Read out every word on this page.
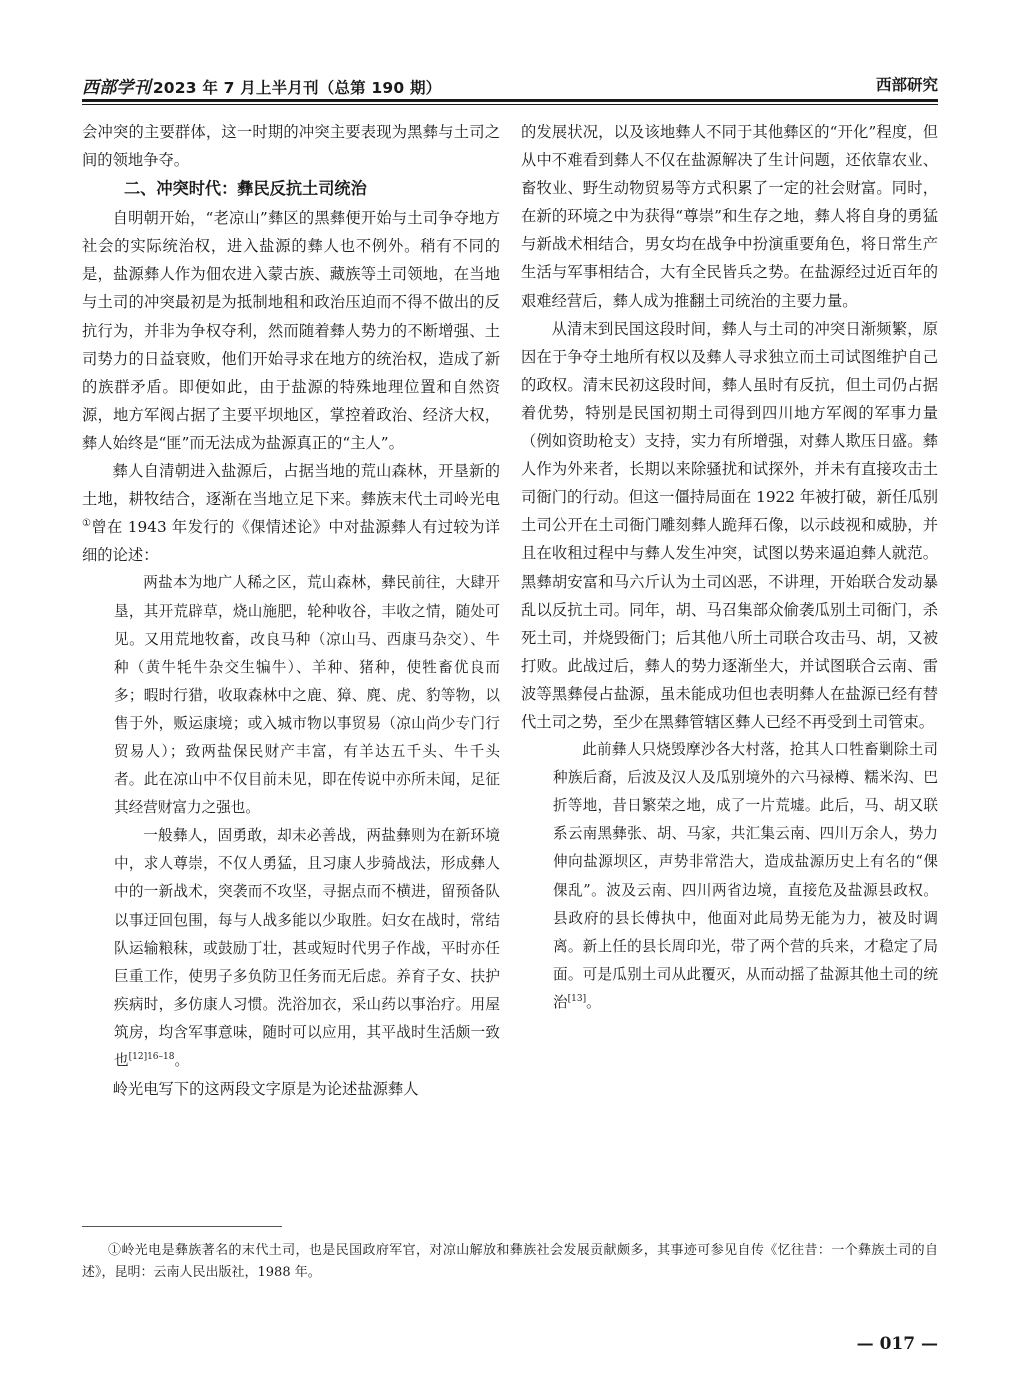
西部学刊 2023 年 7 月上半月刊（总第 190 期）	西部研究

会冲突的主要群体，这一时期的冲突主要表现为黑彝与土司之间的领地争夺。

二、冲突时代：彝民反抗土司统治

自明朝开始，“老凉山”彝区的黑彝便开始与土司争夺地方社会的实际统治权，进入盐源的彝人也不例外。稍有不同的是，盐源彝人作为佃农进入蒙古族、藏族等土司领地，在当地与土司的冲突最初是为抵制地租和政治压迫而不得不做出的反抗行为，并非为争权夺利，然而随着彝人势力的不断增强、土司势力的日益衰败，他们开始寻求在地方的统治权，造成了新的族群矛盾。即便如此，由于盐源的特殊地理位置和自然资源，地方军阀占据了主要平坝地区，掌控着政治、经济大权，彝人始终是“匪”而无法成为盐源真正的“主人”。

彝人自清朝进入盐源后，占据当地的荒山森林，开垦新的土地，耕牧结合，逐渐在当地立足下来。彝族末代土司岭光电①曾在 1943 年发行的《倮情述论》中对盐源彝人有过较为详细的论述：

两盐本为地广人稀之区，荒山森林，彝民前往，大肆开垦，其开荒辟草，烧山施肥，轮种收谷，丰收之情，随处可见。又用荒地牧畜，改良马种（凉山马、西康马杂交）、牛种（黄牛牦牛杂交生犏牛）、羊种、猪种，使牲畜优良而多；暇时行猎，收取森林中之鹿、獐、麂、虎、豹等物，以售于外，贩运康境；或入城市物以事贸易（凉山尚少专门行贸易人）；致两盐保民财产丰富，有羊达五千头、牛千头者。此在凉山中不仅目前未见，即在传说中亦所未闻，足征其经营财富力之强也。

一般彝人，固勇敢，却未必善战，两盐彝则为在新环境中，求人尊崇，不仅人勇猛，且习康人步骑战法，形成彝人中的一新战术，突袭而不攻坚，寻据点而不横进，留预备队以事迂回包围，每与人战多能以少取胜。妇女在战时，常结队运输粮秣，或鼓励丁壮，甚或短时代男子作战，平时亦任巨重工作，使男子多负防卫任务而无后虑。养育子女、扶护疾病时，多仿康人习惯。洗浴加衣，采山药以事治疗。用屋筑房，均含军事意味，随时可以应用，其平战时生活颇一致也$^{[12]16-18}$。

岭光电写下的这两段文字原是为论述盐源彝人

的发展状况，以及该地彝人不同于其他彝区的“开化”程度，但从中不难看到彝人不仅在盐源解决了生计问题，还依靠农业、畜牧业、野生动物贸易等方式积累了一定的社会财富。同时，在新的环境之中为获得“尊崇”和生存之地，彝人将自身的勇猛与新战术相结合，男女均在战争中扮演重要角色，将日常生产生活与军事相结合，大有全民皆兵之势。在盐源经过近百年的艰难经营后，彝人成为推翻土司统治的主要力量。

从清末到民国这段时间，彝人与土司的冲突日渐频繁，原因在于争夺土地所有权以及彝人寻求独立而土司试图维护自己的政权。清末民初这段时间，彝人虽时有反抗，但土司仍占据着优势，特别是民国初期土司得到四川地方军阀的军事力量（例如资助枪支）支持，实力有所增强，对彝人欺压日盛。彝人作为外来者，长期以来除骚扰和试探外，并未有直接攻击土司衙门的行动。但这一僵持局面在 1922 年被打破，新任瓜别土司公开在土司衙门雕刻彝人跪拜石像，以示歧视和威胁，并且在收租过程中与彝人发生冲突，试图以势来逼迫彝人就范。黑彝胡安富和马六斤认为土司凶恶，不讲理，开始联合发动暴乱以反抗土司。同年，胡、马召集部众偷袭瓜别土司衙门，杀死土司，并烧毁衙门；后其他八所土司联合攻击马、胡，又被打败。此战过后，彝人的势力逐渐坐大，并试图联合云南、雷波等黑彝侵占盐源，虽未能成功但也表明彝人在盐源已经有替代土司之势，至少在黑彝管辖区彝人已经不再受到土司管束。

此前彝人只烧毁摩沙各大村落，抢其人口牲畜剿除土司种族后裔，后波及汉人及瓜别境外的六马禄樽、糯米沟、巴折等地，昔日繁荣之地，成了一片荒墟。此后，马、胡又联系云南黑彝张、胡、马家，共汇集云南、四川万余人，势力伸向盐源坝区，声势非常浩大，造成盐源历史上有名的“倮倮乱”。波及云南、四川两省边境，直接危及盐源县政权。县政府的县长傅执中，他面对此局势无能为力，被及时调离。新上任的县长周印光，带了两个营的兵来，才稳定了局面。可是瓜别土司从此覆灭，从而动摇了盐源其他土司的统治[13]。

①岭光电是彝族著名的末代土司，也是民国政府军官，对凉山解放和彝族社会发展贡献颇多，其事迹可参见自传《忆往昔：一个彝族土司的自述》，昆明：云南人民出版社，1988 年。
— 017 —
